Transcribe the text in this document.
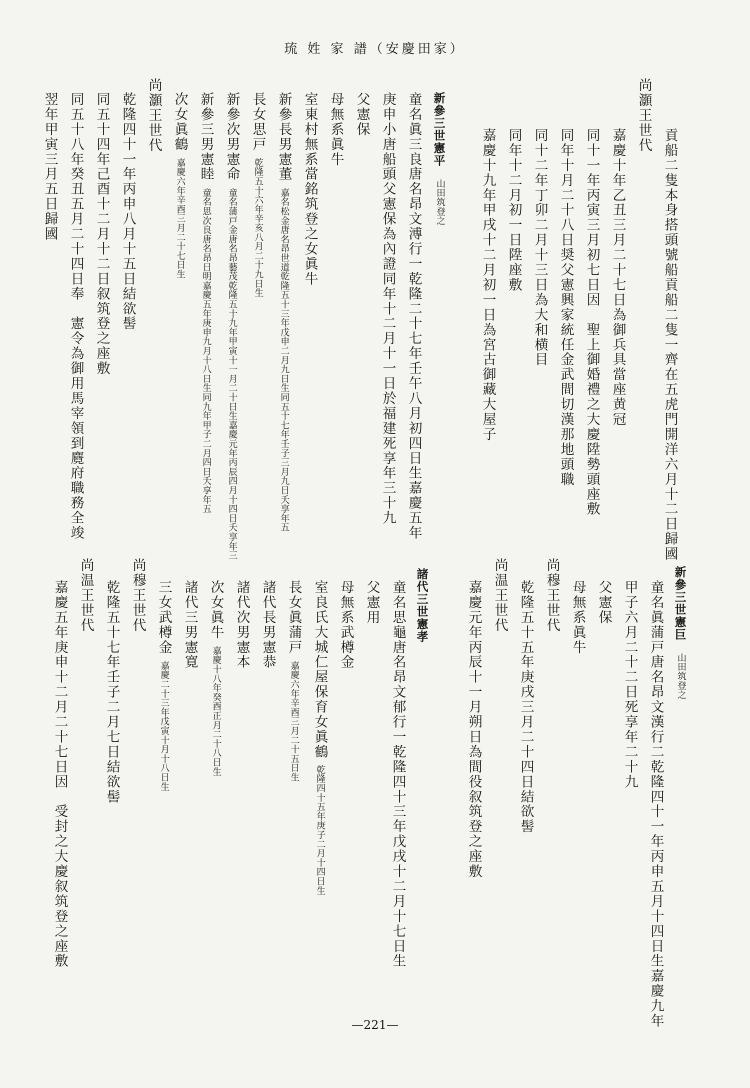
琉 姓 家 譜（安慶田家）
貢船二隻本身搭頭號船貢船二隻一齊在五虎門開洋六月十二日歸國
尚灝王世代
嘉慶十年乙丑三月二十七日為御兵具當座黄冠
同十一年丙寅三月初七日因　聖上御婚禮之大慶陞勢頭座敷
同年十月二十八日奨父憲興家統任金武間切漢那地頭職
同十二年丁卯二月十三日為大和横目
同年十二月初一日陞座敷
嘉慶十九年甲戌十二月初一日為宮古御藏大屋子
新參三世憲平山田筑登之
童名眞三良唐名昂文溥行一乾隆二十七年壬午八月初四日生嘉慶五年
庚申小唐船頭父憲保為內證同年十二月十一日於福建死享年三十九
父憲保
母無系眞牛
室東村無系當銘筑登之女眞牛
新參長男憲董嘉名松金唐名昂世道乾隆五十三年戊申二月九日生同五十七年壬子三月九日夭享年五
長女思戸乾隆五十六年辛亥八月二十九日生
新參次男憲命童名蒲戸金唐名昂藝茂乾隆五十九年甲寅十一月二十日生嘉慶元年丙辰四月十四日夭享年三
新參三男憲睦童名思次良唐名昂日明嘉慶五年庚申九月十八日生同九年甲子二月四日夭享年五
次女眞鶴嘉慶六年辛酉三月二十七日生
尚灝王世代
乾隆四十一年丙申八月十五日結欲髻
同五十四年己酉十二月十二日叙筑登之座敷
同五十八年癸丑五月二十四日奉　憲令為御用馬宰領到麑府職務全竣
翌年甲寅三月五日歸國
新參三世憲巨山田筑登之
童名眞蒲戸唐名昂文漢行二乾隆四十一年丙申五月十四日生嘉慶九年
甲子六月二十二日死享年二十九
父憲保
母無系眞牛
尚穆王世代
乾隆五十五年庚戌三月二十四日結欲髻
尚温王世代
嘉慶元年丙辰十一月朔日為間役叙筑登之座敷
諸代三世憲孝
童名思龜唐名昂文郁行一乾隆四十三年戊戌十二月十七日生
父憲用
母無系武樽金
室良氏大城仁屋保育女眞鶴乾隆四十五年庚子二月十四日生
長女眞蒲戸嘉慶六年辛酉三月二十五日生
諸代長男憲恭
諸代次男憲本
次女眞牛嘉慶十八年癸酉正月二十八日生
諸代三男憲寛
三女武樽金嘉慶二十三年戊寅十月十八日生
尚穆王世代
乾隆五十七年壬子二月七日結欲髻
尚温王世代
嘉慶五年庚申十二月二十七日因　受封之大慶叙筑登之座敷
—221—
